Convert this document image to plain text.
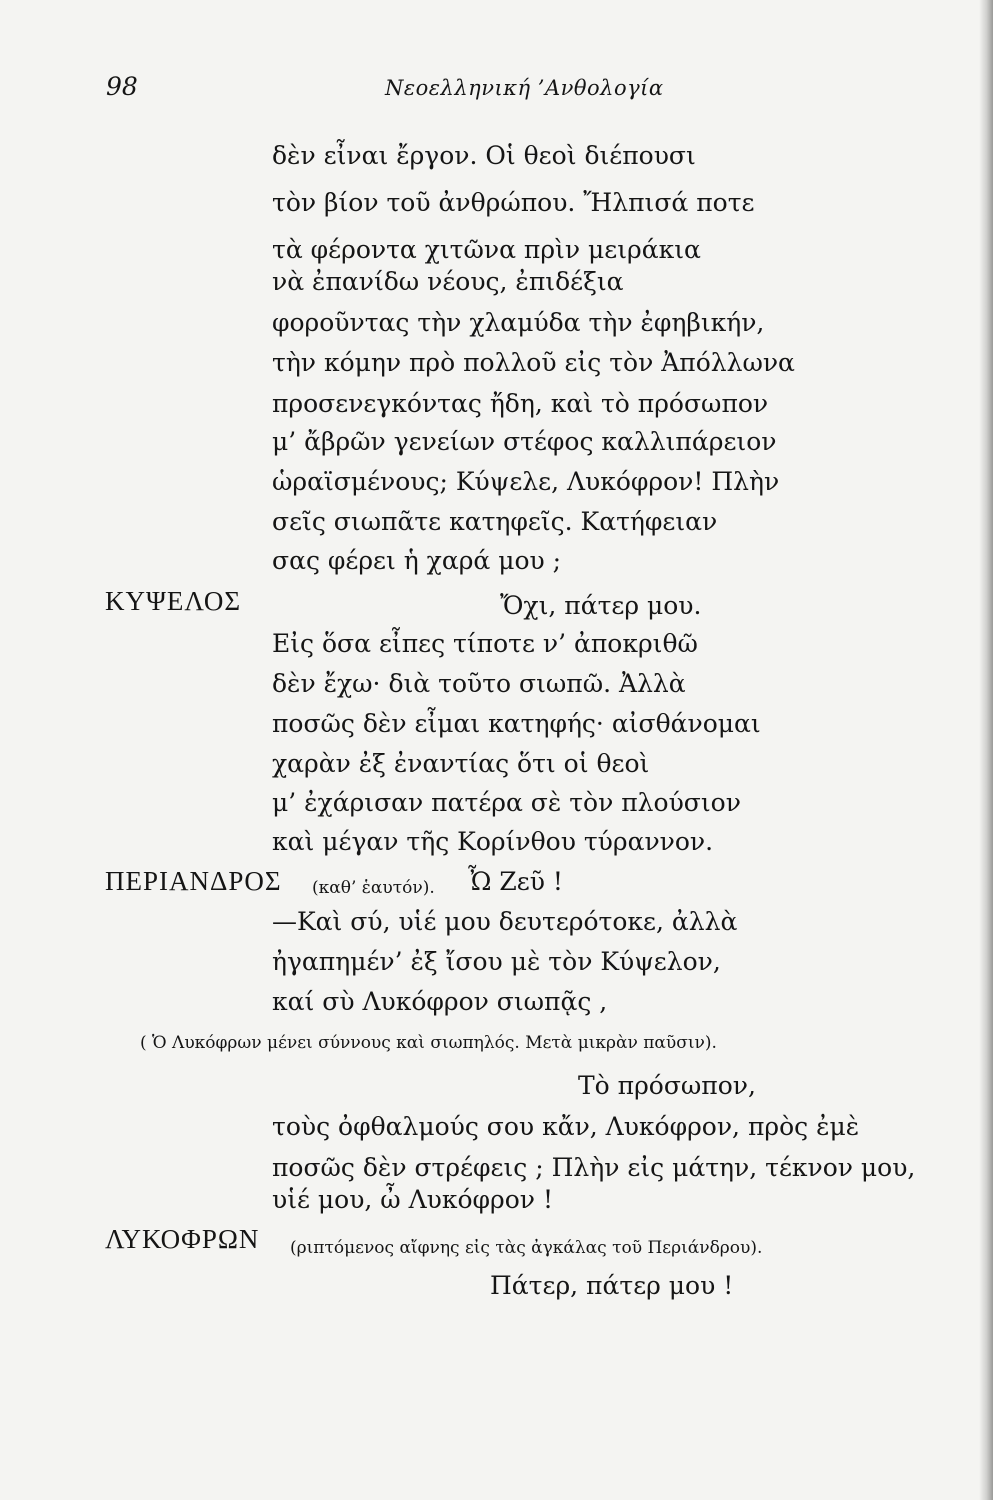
98	Νεοελληνική ’Ανθολογία
δὲν εἶναι ἔργον. Οἱ θεοὶ διέπουσι
τὸν βίον τοῦ ἀνθρώπου. Ἤλπισά ποτε
τὰ φέροντα χιτῶνα πρὶν μειράκια
νὰ ἐπανίδω νέους, ἐπιδέξια
φοροῦντας τὴν χλαμύδα τὴν ἐφηβικήν,
τὴν κόμην πρὸ πολλοῦ εἰς τὸν Ἀπόλλωνα
προσενεγκόντας ἤδη, καὶ τὸ πρόσωπον
μ’ ἄβρῶν γενείων στέφος καλλιπάρειον
ὡραϊσμένους; Κύψελε, Λυκόφρον! Πλὴν
σεῖς σιωπᾶτε κατηφεῖς. Κατήφειαν
σας φέρει ἡ χαρά μου ;
ΚΥΨΕΛΟΣ	Ὄχι, πάτερ μου.
Εἰς ὅσα εἶπες τίποτε ν’ ἀποκριθῶ
δὲν ἔχω· διὰ τοῦτο σιωπῶ. Ἀλλὰ
ποσῶς δὲν εἶμαι κατηφής· αἰσθάνομαι
χαρὰν ἐξ ἐναντίας ὅτι οἱ θεοὶ
μ’ ἐχάρισαν πατέρα σὲ τὸν πλούσιον
καὶ μέγαν τῆς Κορίνθου τύραννον.
ΠΕΡΙΑΝΔΡΟΣ (καθ’ ἑαυτόν). Ὦ Ζεῦ !
—Καὶ σύ, υἱέ μου δευτερότοκε, ἀλλὰ
ἠγαπημέν’ ἐξ ἴσου μὲ τὸν Κύψελον,
καί σὺ Λυκόφρον σιωπᾷς ,
( Ὁ Λυκόφρων μένει σύννους καὶ σιωπηλός. Μετὰ μικρὰν παῦσιν).
Τὸ πρόσωπον,
τοὺς ὀφθαλμούς σου κἄν, Λυκόφρον, πρὸς ἐμὲ
ποσῶς δὲν στρέφεις ; Πλὴν εἰς μάτην, τέκνον μου,
υἱέ μου, ὦ Λυκόφρον !
ΛΥΚΟΦΡΩΝ (ριπτόμενος αἴφνης εἰς τὰς ἀγκάλας τοῦ Περιάνδρου).
Πάτερ, πάτερ μου !
